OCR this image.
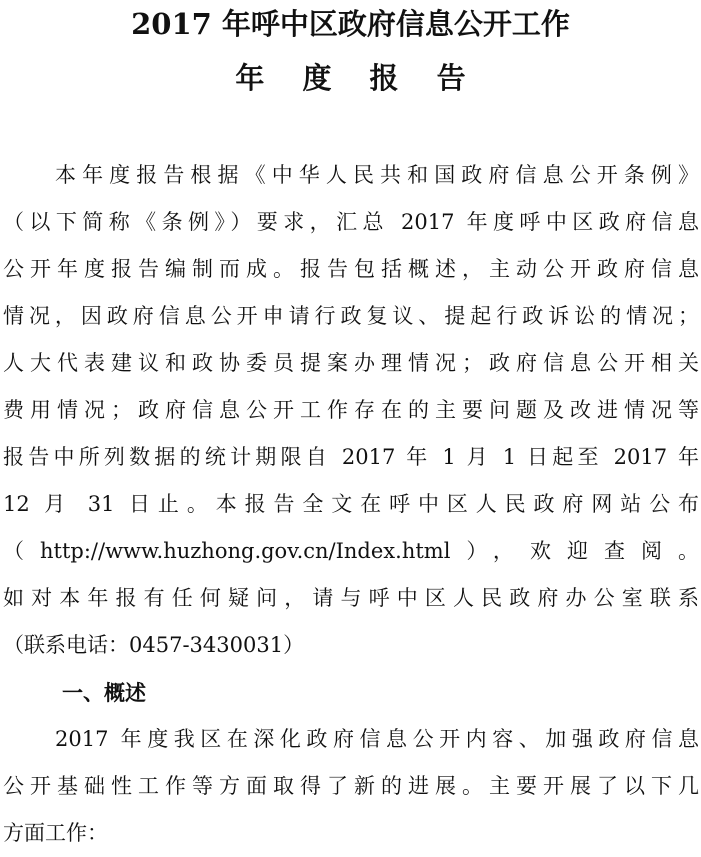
2017 年呼中区政府信息公开工作
年 度 报 告
本年度报告根据《中华人民共和国政府信息公开条例》
（以下简称《条例》）要求，汇总 2017 年度呼中区政府信息
公开年度报告编制而成。报告包括概述，主动公开政府信息
情况，因政府信息公开申请行政复议、提起行政诉讼的情况；
人大代表建议和政协委员提案办理情况；政府信息公开相关
费用情况；政府信息公开工作存在的主要问题及改进情况等
报告中所列数据的统计期限自 2017 年 1 月 1 日起至 2017 年
12 月 31 日止。本报告全文在呼中区人民政府网站公布
（http://www.huzhong.gov.cn/Index.html），欢迎查阅。
如对本年报有任何疑问，请与呼中区人民政府办公室联系
（联系电话：0457-3430031）
一、概述
2017 年度我区在深化政府信息公开内容、加强政府信息
公开基础性工作等方面取得了新的进展。主要开展了以下几
方面工作：
